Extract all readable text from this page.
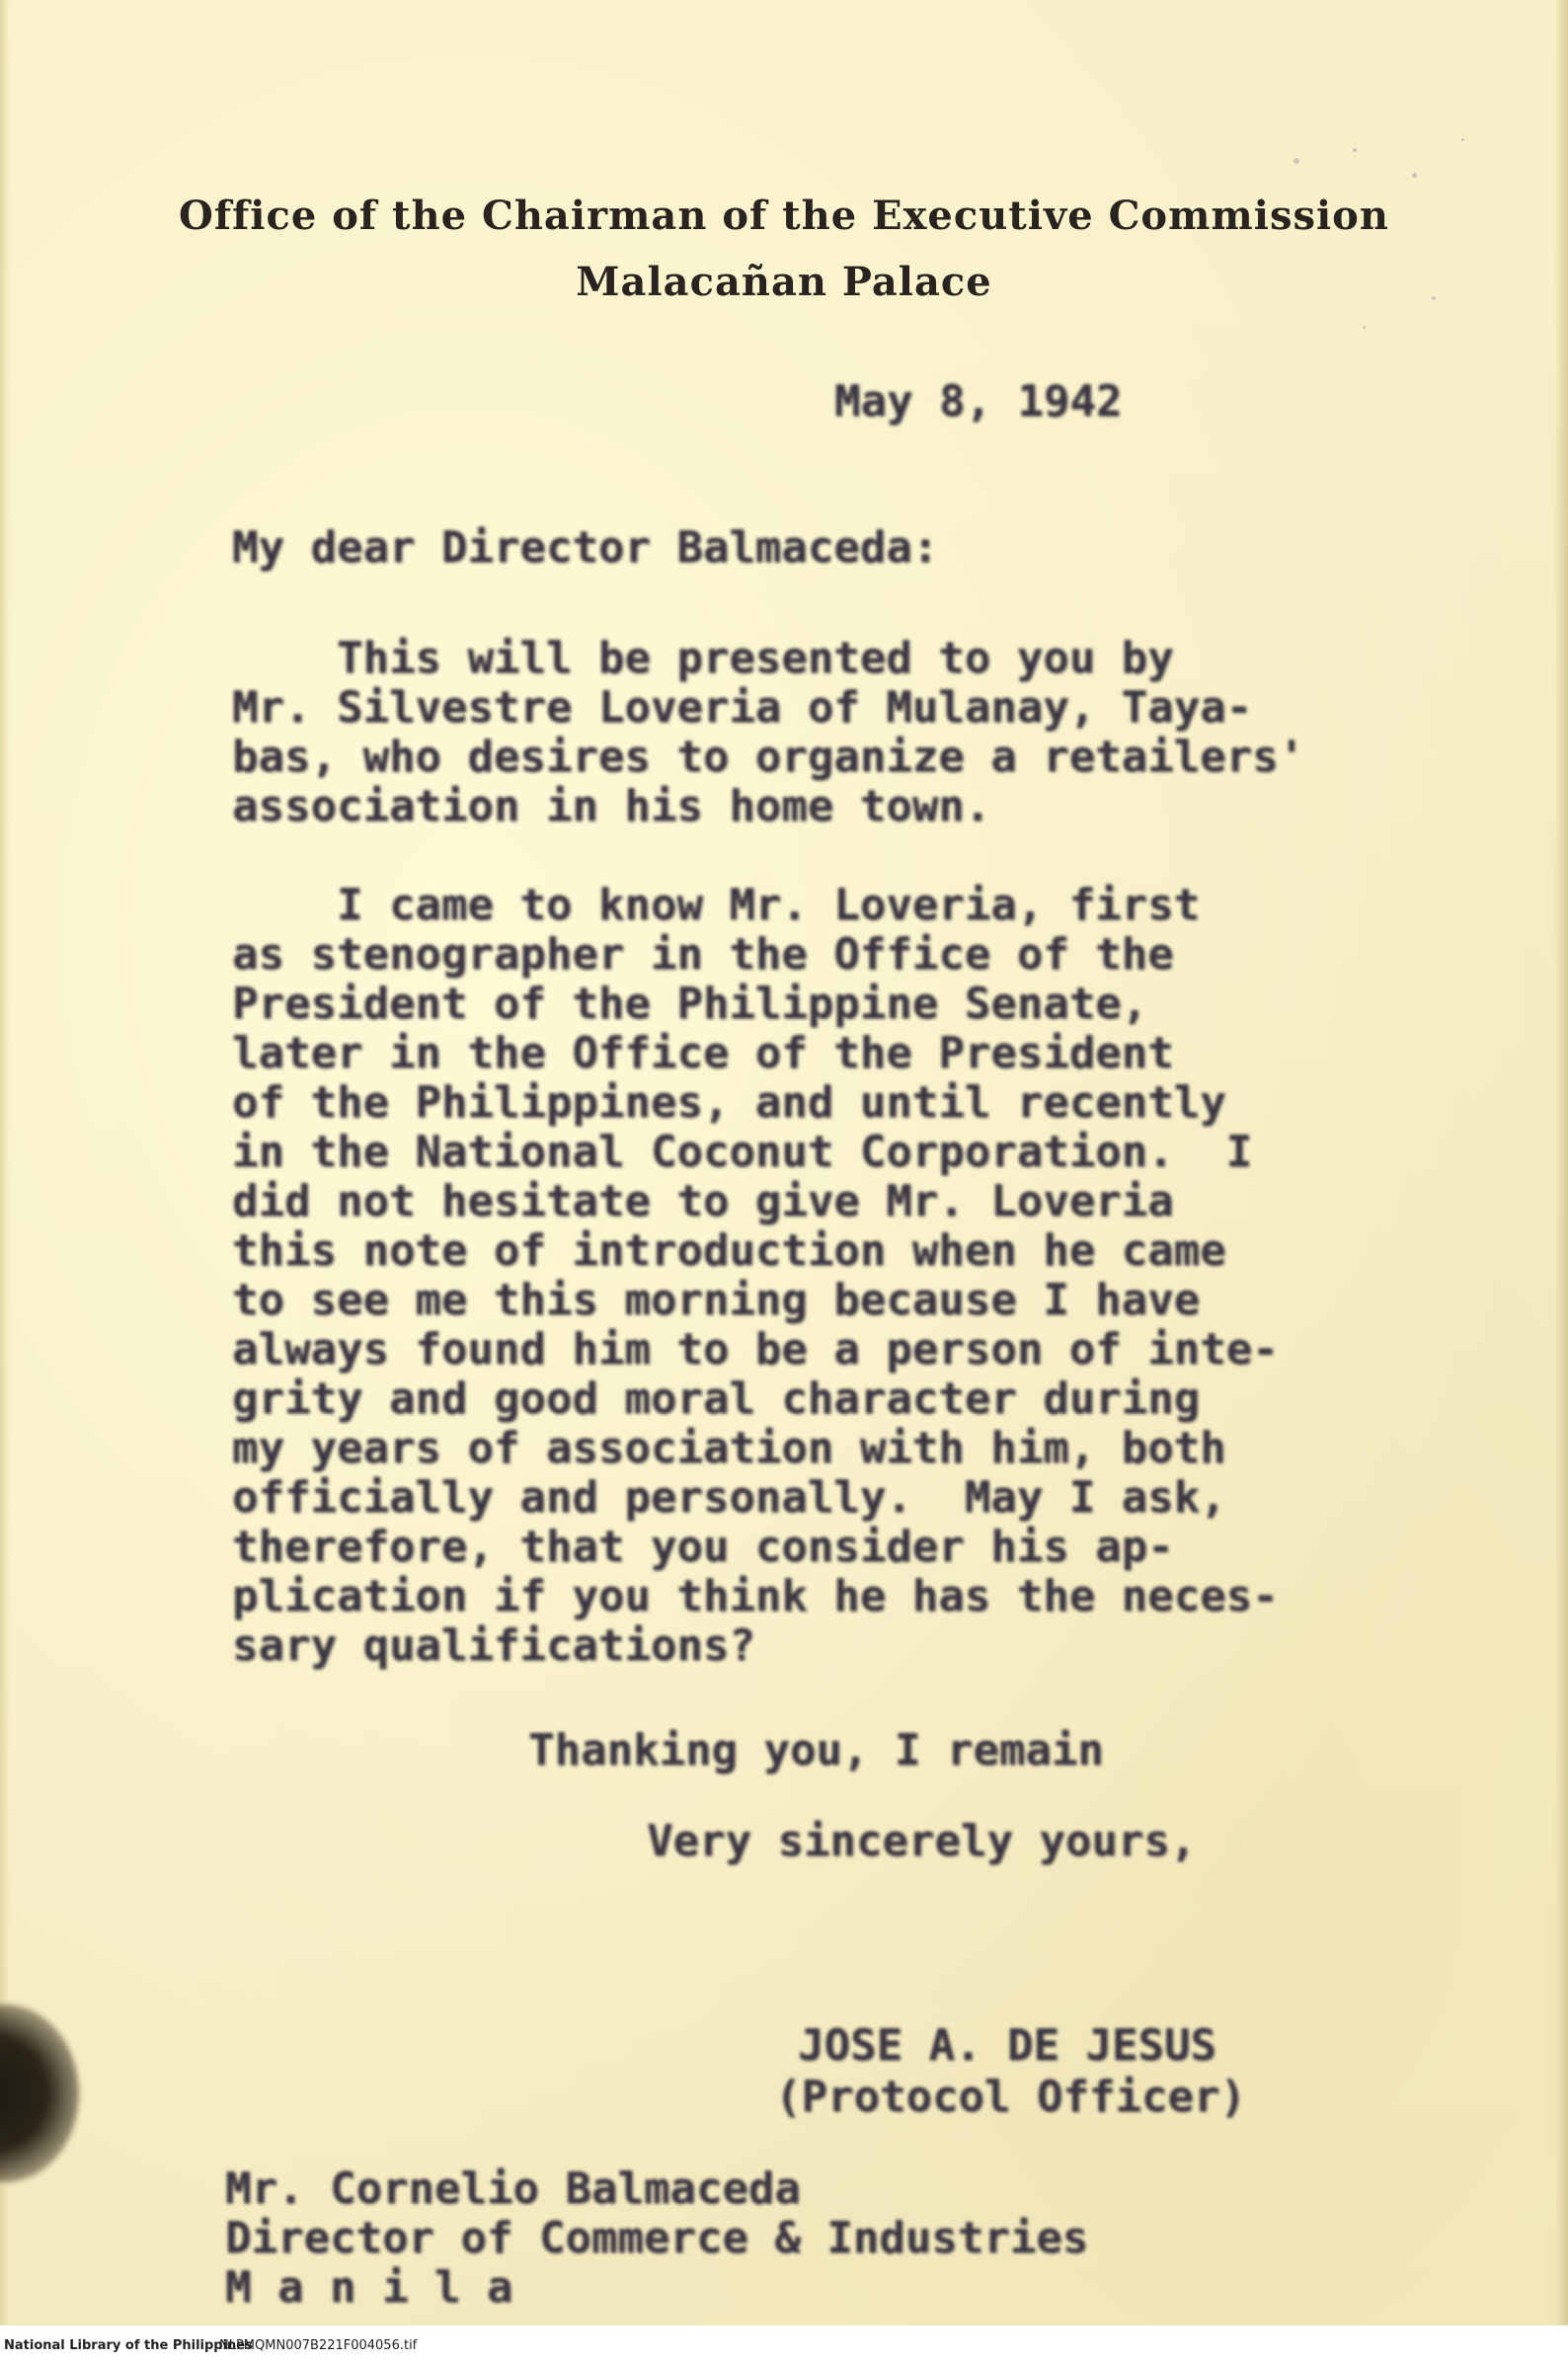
Office of the Chairman of the Executive Commission
Malacañan Palace
May 8, 1942
My dear Director Balmaceda:
This will be presented to you by
Mr. Silvestre Loveria of Mulanay, Taya-
bas, who desires to organize a retailers'
association in his home town.
I came to know Mr. Loveria, first
as stenographer in the Office of the
President of the Philippine Senate,
later in the Office of the President
of the Philippines, and until recently
in the National Coconut Corporation.  I
did not hesitate to give Mr. Loveria
this note of introduction when he came
to see me this morning because I have
always found him to be a person of inte-
grity and good moral character during
my years of association with him, both
officially and personally.  May I ask,
therefore, that you consider his ap-
plication if you think he has the neces-
sary qualifications?
Thanking you, I remain
Very sincerely yours,
JOSE A. DE JESUS
(Protocol Officer)
Mr. Cornelio Balmaceda
Director of Commerce & Industries
M a n i l a
National Library of the Philippines
NLPMQMN007B221F004056.tif
